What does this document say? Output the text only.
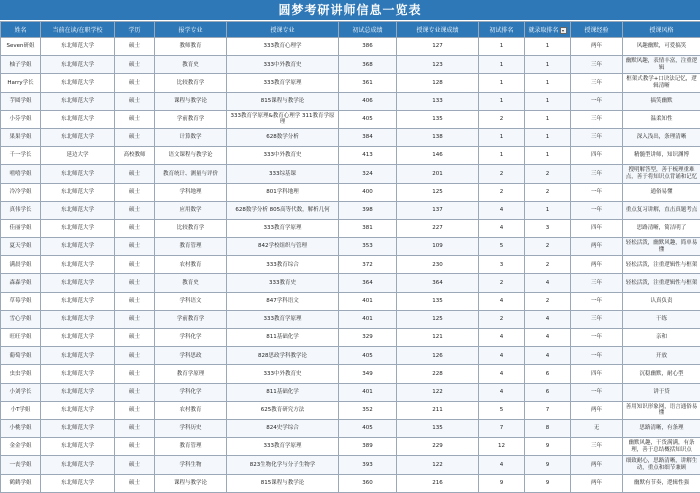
圆梦考研讲师信息一览表
姓名	当前在读/在职学校	学历	报学专业	授课专业	初试总成绩	授课专业课成绩	初试排名	就录取排名	授课经验	授课风格
Seven研姐	东北师范大学	硕士	教师教育	333教育心理学	386	127	1	1	两年	风趣幽默，可爱搞笑
柚子学姐	东北师范大学	硕士	教育史	333中外教育史	368	123	1	1	三年	幽默风趣，表情丰富，注重逻辑
Harry学长	东北师范大学	硕士	比较教育学	333教育学原理	361	128	1	1	三年	框架式教学+口诀法记忆，逻辑清晰
芋圆学姐	东北师范大学	硕士	课程与教学论	815课程与教学论	406	133	1	1	一年	搞笑幽默
小芬学姐	东北师范大学	硕士	学前教育学	333教育学原理&教育心理学 311教育学原理	405	135	2	1	三年	温柔知性
果果学姐	东北师范大学	硕士	计算数学	628数学分析	384	138	1	1	三年	深入浅出，条理清晰
千一学长	延边大学	高校教师	语文课程与教学论	333中外教育史	413	146	1	1	四年	精髓型讲师，知识渊博
嘻嘻学姐	东北师范大学	硕士	教育统计、测量与评价	333综基课	324	201	2	2	三年	搜明解答型，善于梳理重难点，善于将知识点背诵和记忆
冷冷学姐	东北师范大学	硕士	学科地理	801学科地理	400	125	2	2	一年	通俗易懂
真伟学长	东北师范大学	硕士	应用数学	628数学分析 805高等代数，解析几何	398	137	4	1	一年	重点复习讲解，直击真题考点
佳丽学姐	东北师范大学	硕士	比较教育学	333教育学原理	381	227	4	3	四年	思路清晰，简洁明了
夏天学姐	东北师范大学	硕士	教育管理	842学校组织与管理	353	109	5	2	两年	轻松活泼，幽默风趣，简单易懂
满晨学姐	东北师范大学	硕士	农村教育	333教育综合	372	230	3	2	两年	轻松活泼，注重逻辑性与框架
森森学姐	东北师范大学	硕士	教育史	333教育史	364	364	2	4	三年	轻松活泼，注重逻辑性与框架
草莓学姐	东北师范大学	硕士	学科语文	847学科语文	401	135	4	2	一年	认真负责
雪心学姐	东北师范大学	硕士	学前教育学	333教育学原理	401	125	2	4	三年	干练
旺旺学姐	东北师范大学	硕士	学科化学	811基础化学	329	121	4	4	一年	亲和
葡萄学姐	东北师范大学	硕士	学科思政	828思政学科教学论	405	126	4	4	一年	开放
虫虫学姐	东北师范大学	硕士	教育学原理	333中外教育史	349	228	4	6	四年	沉稳幽默，耐心型
小刘学长	东北师范大学	硕士	学科化学	811基础化学	401	122	4	6	一年	讲于贷
小T学姐	东北师范大学	硕士	农村教育	625教育研究方法	352	211	5	7	两年	善用知识形象网，语言通俗易懂
小桃学姐	东北师范大学	硕士	学科历史	824史学综合	405	135	7	8	无	思路清晰，有条理
金金学姐	东北师范大学	硕士	教育管理	333教育学原理	389	229	12	9	三年	幽默风趣，干货满满，有条理，善于总结概括知识点
一丧学姐	东北师范大学	硕士	学科生物	823生物化学与分子生物学	393	122	4	9	两年	细致耐心，思路清晰，讲解生动，重点和细节兼顾
鹤鹤学姐	东北师范大学	硕士	课程与教学论	815课程与教学论	360	216	9	9	两年	幽默有节奏，逻辑性强
